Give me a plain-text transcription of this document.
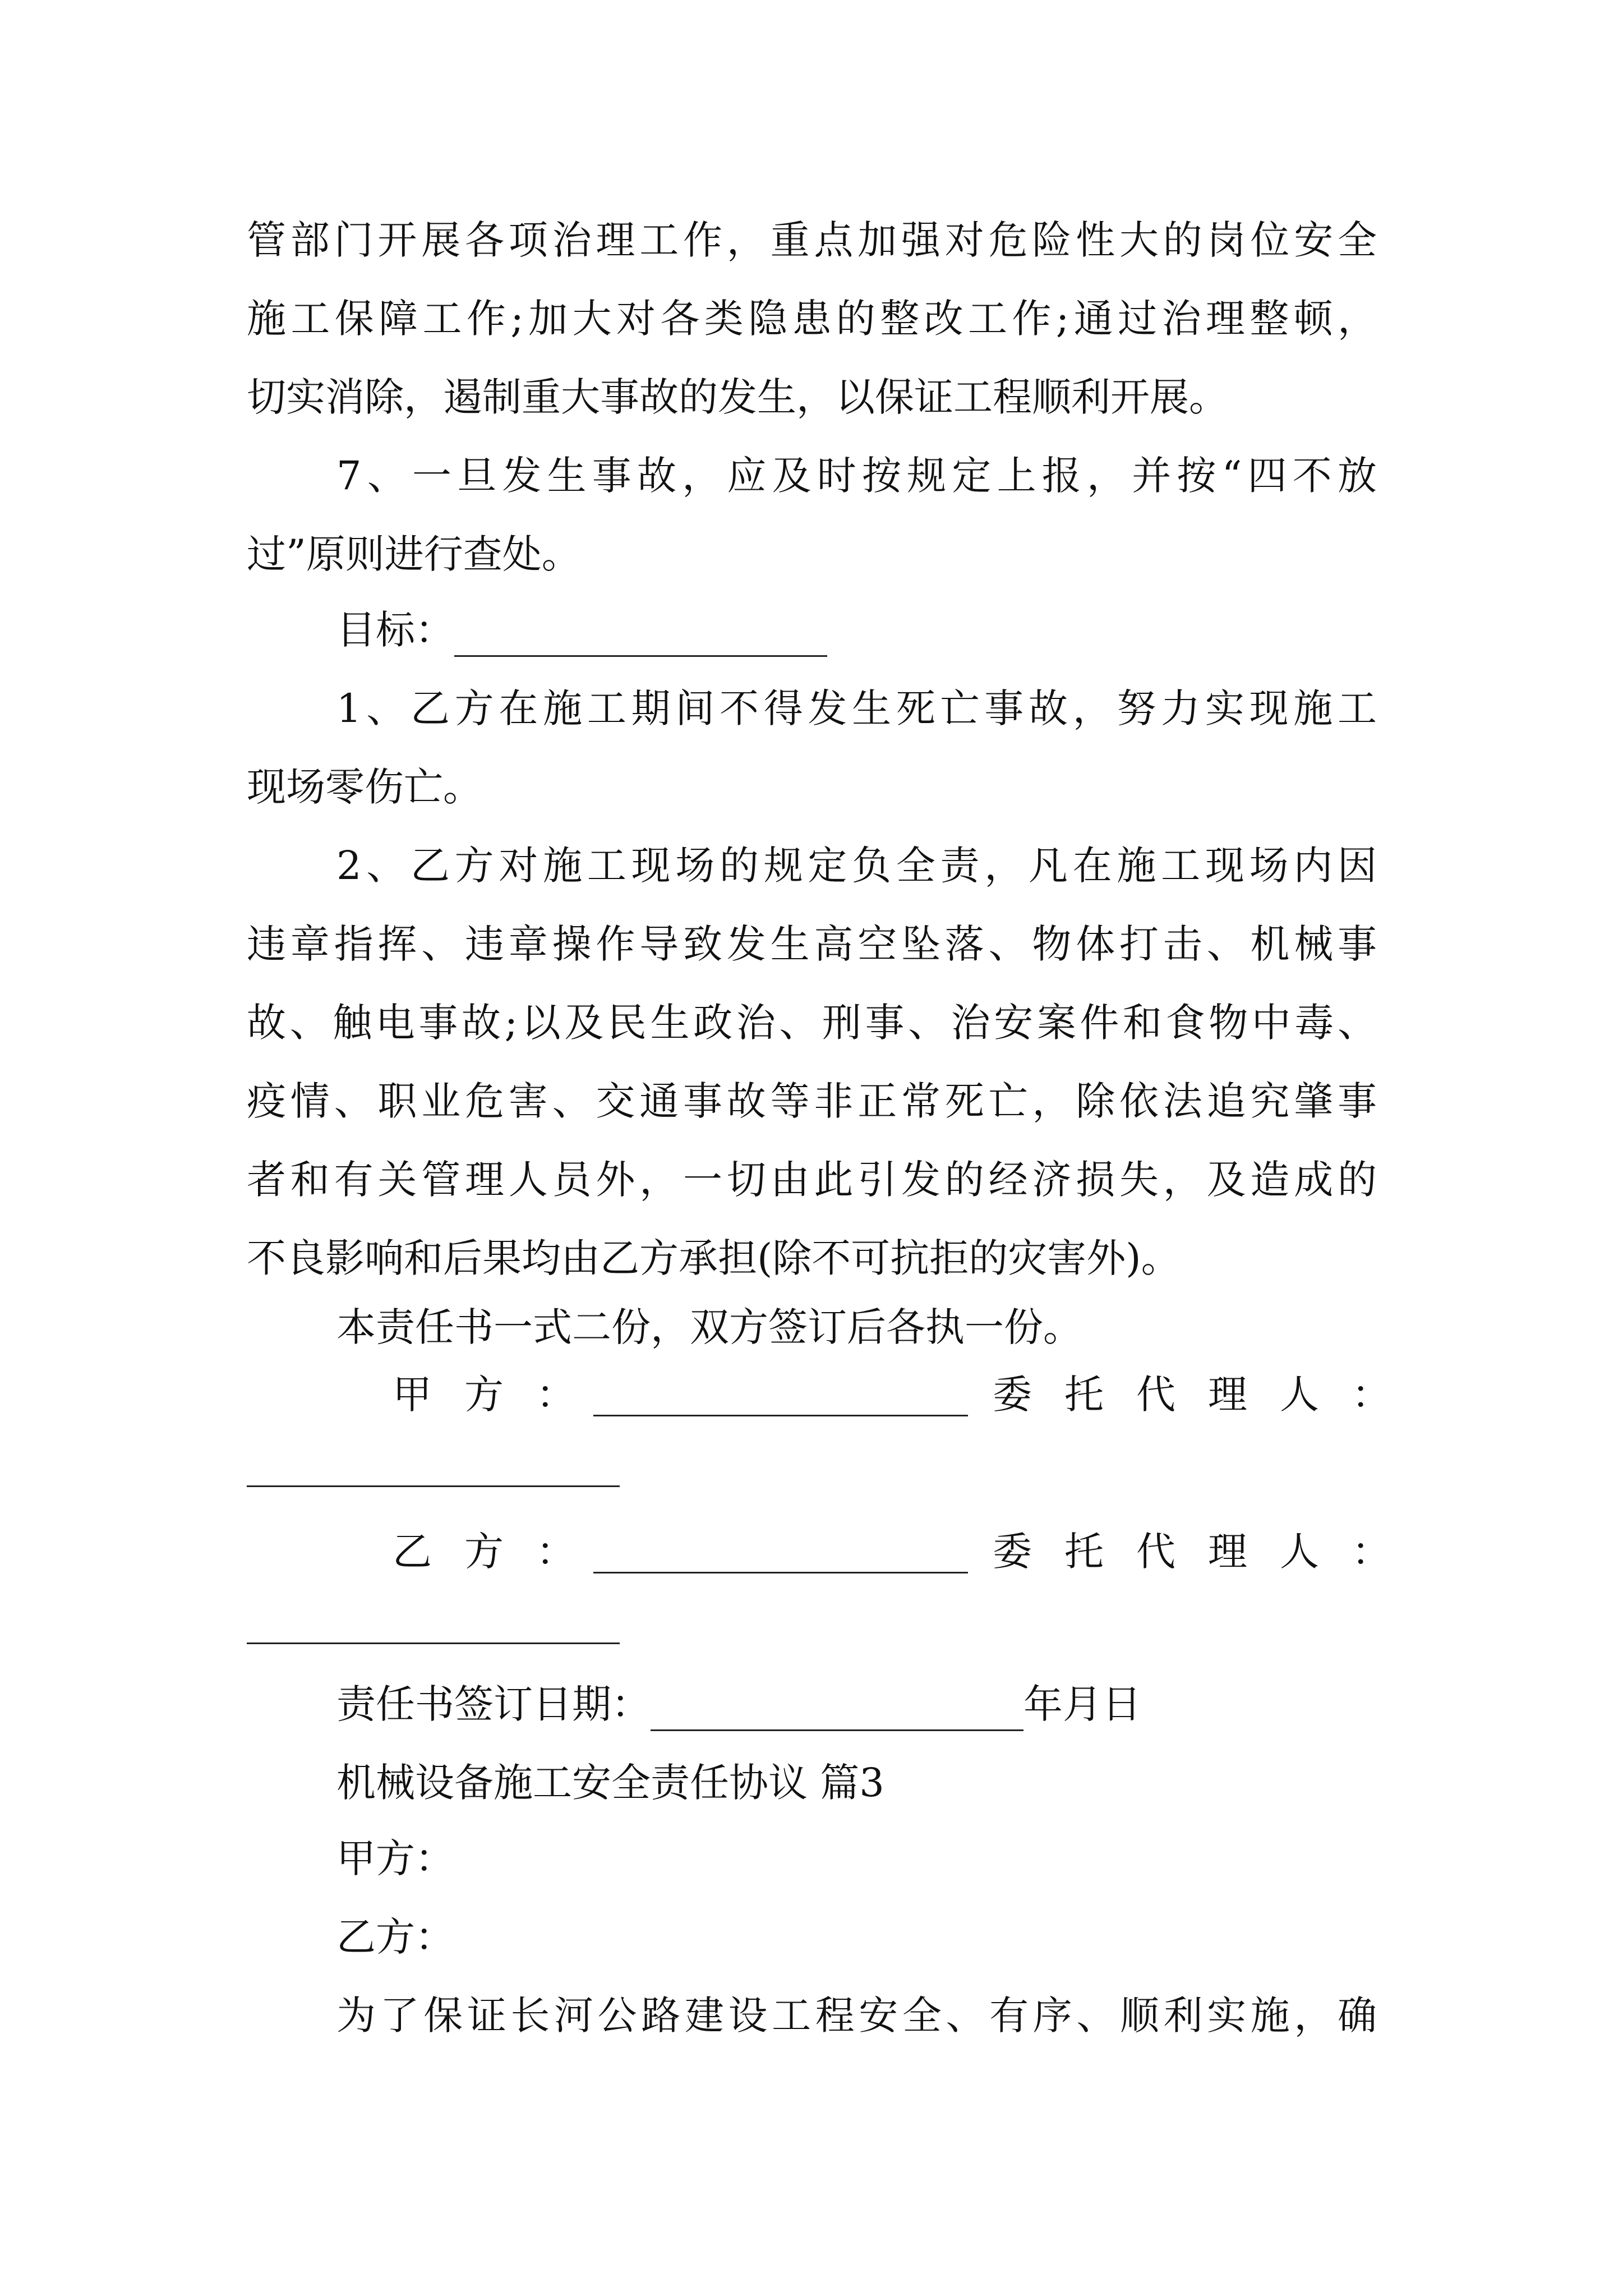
管部门开展各项治理工作，重点加强对危险性大的岗位安全

施工保障工作;加大对各类隐患的整改工作;通过治理整顿，

切实消除，遏制重大事故的发生，以保证工程顺利开展。

7、一旦发生事故，应及时按规定上报，并按“四不放

过”原则进行查处。

目标：

1、乙方在施工期间不得发生死亡事故，努力实现施工

现场零伤亡。

2、乙方对施工现场的规定负全责，凡在施工现场内因

违章指挥、违章操作导致发生高空坠落、物体打击、机械事

故、触电事故;以及民生政治、刑事、治安案件和食物中毒、

疫情、职业危害、交通事故等非正常死亡，除依法追究肇事

者和有关管理人员外，一切由此引发的经济损失，及造成的

不良影响和后果均由乙方承担(除不可抗拒的灾害外)。

本责任书一式二份，双方签订后各执一份。

甲方：	委托代理人：
乙方：	委托代理人：
责任书签订日期：	年月日

机械设备施工安全责任协议 篇3

甲方：

乙方：

为了保证长河公路建设工程安全、有序、顺利实施，确
